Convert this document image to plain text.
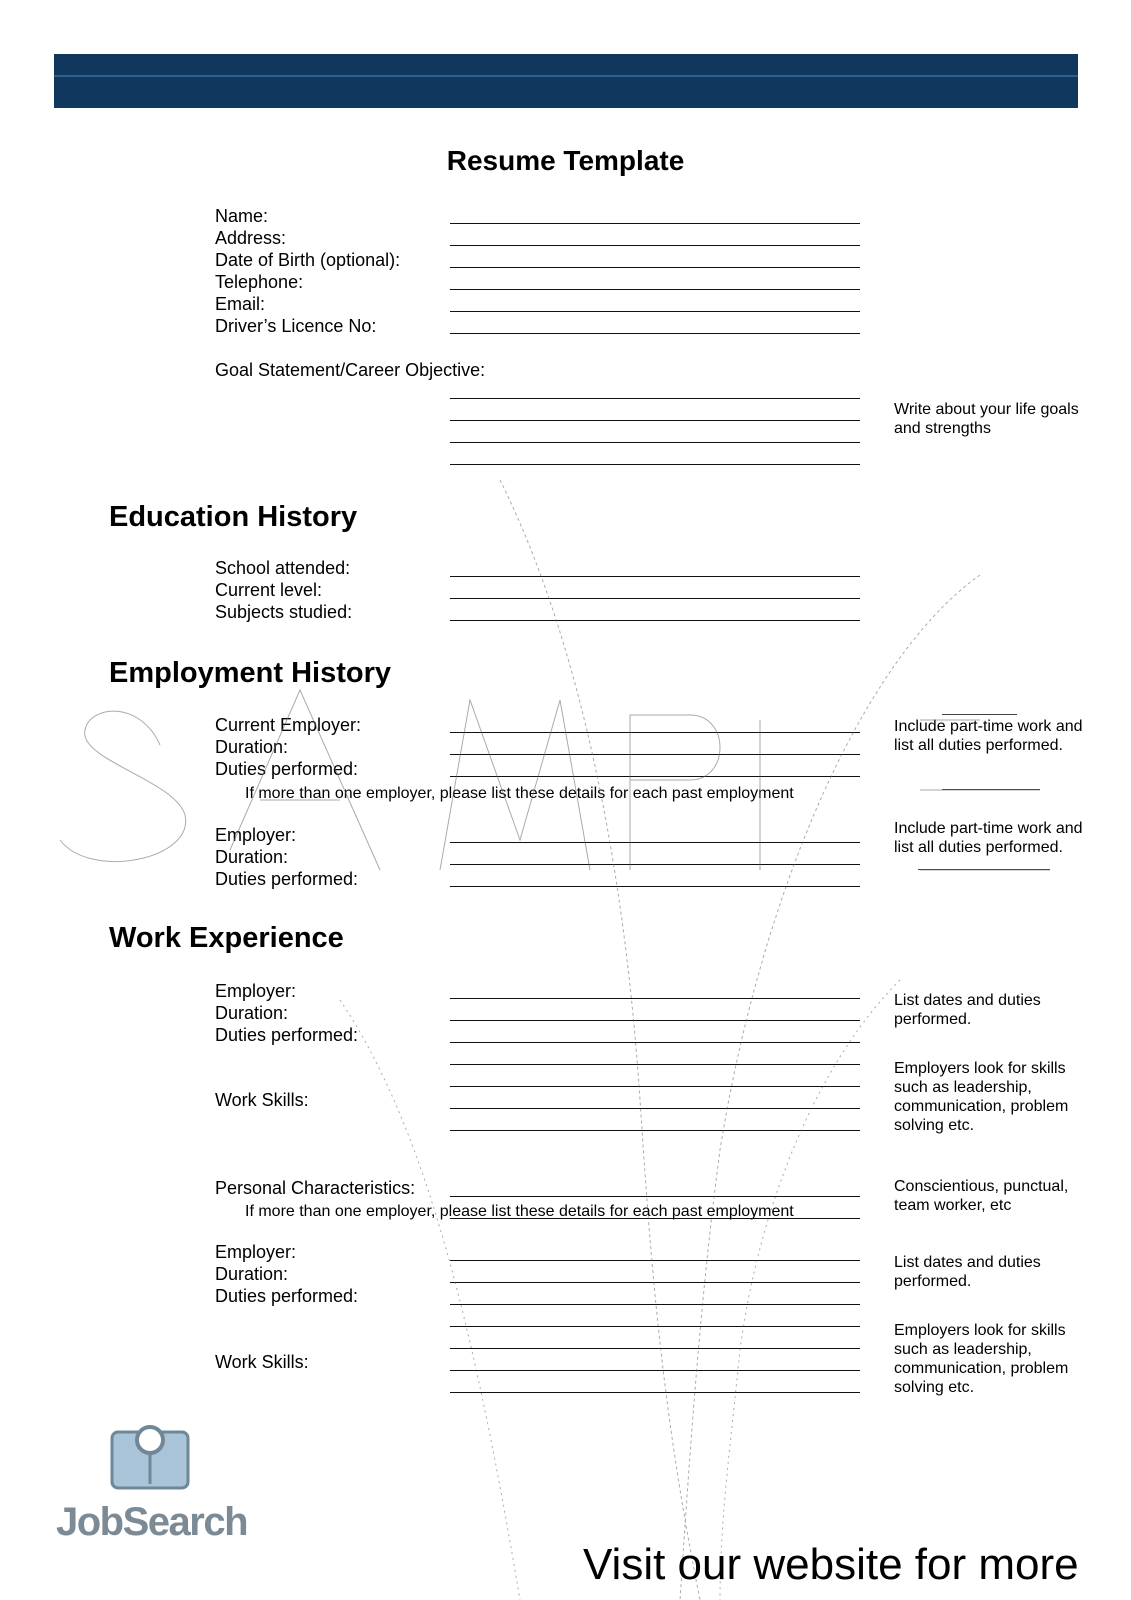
Resume Template
Name:
Address:
Date of Birth (optional):
Telephone:
Email:
Driver’s Licence No:
Goal Statement/Career Objective:
Write about your life goals
and strengths
Education History
School attended:
Current level:
Subjects studied:
Employment History
Current Employer:
Duration:
Duties performed:
If more than one employer, please list these details for each past employment
Include part-time work and
list all duties performed.
Employer:
Duration:
Duties performed:
Include part-time work and
list all duties performed.
Work Experience
Employer:
Duration:
Duties performed:
Work Skills:
List dates and duties
performed.
Employers look for skills
such as leadership,
communication, problem
solving etc.
Personal Characteristics:	Conscientious, punctual,
team worker, etc
If more than one employer, please list these details for each past employment
Employer:
Duration:
Duties performed:
Work Skills:
List dates and duties
performed.
Employers look for skills
such as leadership,
communication, problem
solving etc.
JobSearch
Visit our website for more
